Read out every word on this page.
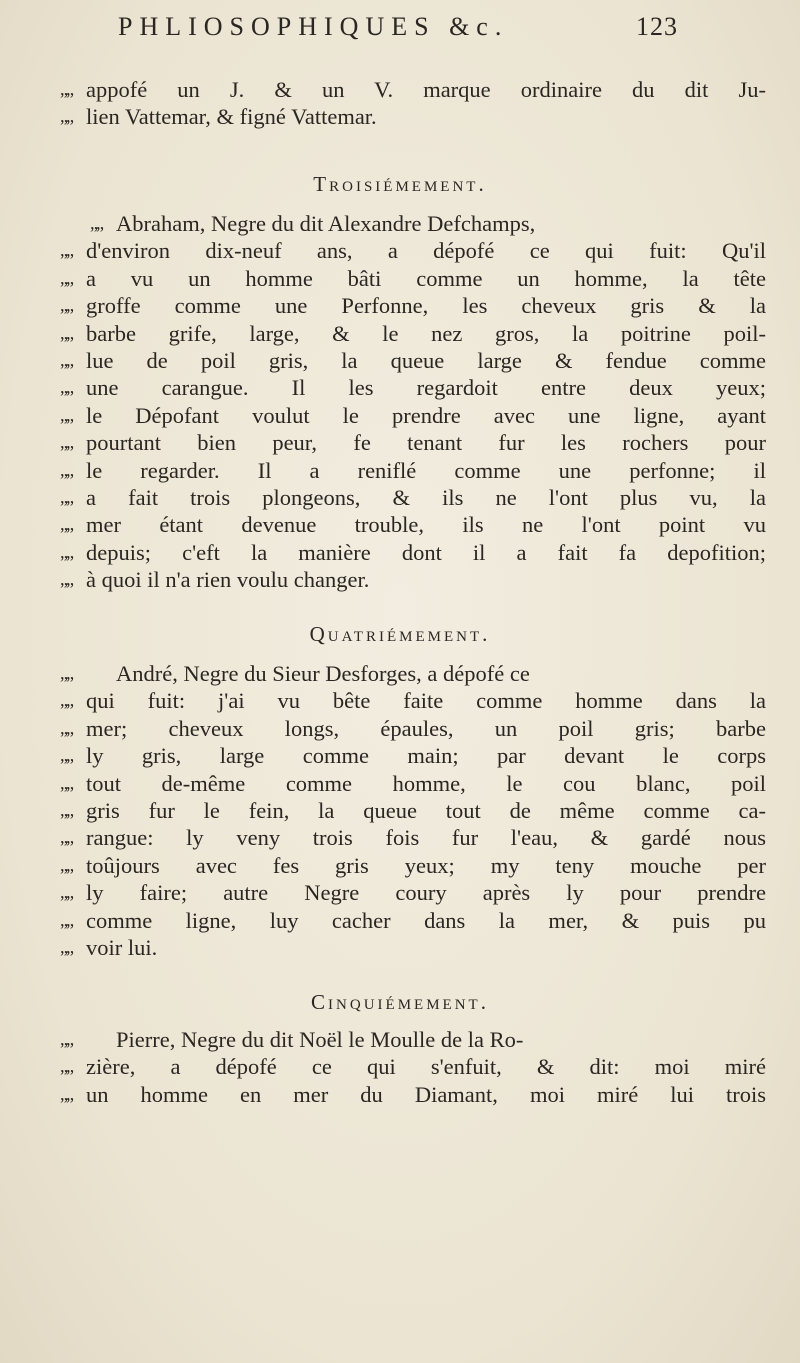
PHLIOSOPHIQUES &c.	123
„„ appofé un J. & un V. marque ordinaire du dit Ju-
„„ lien Vattemar, & figné Vattemar.
Troisiémement.
„„ Abraham, Negre du dit Alexandre Defchamps,
„„ d'environ dix-neuf ans, a dépofé ce qui fuit: Qu'il
„„ a vu un homme bâti comme un homme, la tête
„„ groffe comme une Perfonne, les cheveux gris & la
„„ barbe grife, large, & le nez gros, la poitrine poil-
„„ lue de poil gris, la queue large & fendue comme
„„ une carangue. Il les regardoit entre deux yeux;
„„ le Dépofant voulut le prendre avec une ligne, ayant
„„ pourtant bien peur, fe tenant fur les rochers pour
„„ le regarder. Il a reniflé comme une perfonne; il
„„ a fait trois plongeons, & ils ne l'ont plus vu, la
„„ mer étant devenue trouble, ils ne l'ont point vu
„„ depuis; c'eft la manière dont il a fait fa depofition;
„„ à quoi il n'a rien voulu changer.
Quatriémement.
„„	André, Negre du Sieur Desforges, a dépofé ce
„„ qui fuit: j'ai vu bête faite comme homme dans la
„„ mer; cheveux longs, épaules, un poil gris; barbe
„„ ly gris, large comme main; par devant le corps
„„ tout de-même comme homme, le cou blanc, poil
„„ gris fur le fein, la queue tout de même comme ca-
„„ rangue: ly veny trois fois fur l'eau, & gardé nous
„„ toûjours avec fes gris yeux; my teny mouche per
„„ ly faire; autre Negre coury après ly pour prendre
„„ comme ligne, luy cacher dans la mer, & puis pu
„„ voir lui.
Cinquiémement.
„„	Pierre, Negre du dit Noël le Moulle de la Ro-
„„ zière, a dépofé ce qui s'enfuit, & dit: moi miré
„„ un homme en mer du Diamant, moi miré lui trois
